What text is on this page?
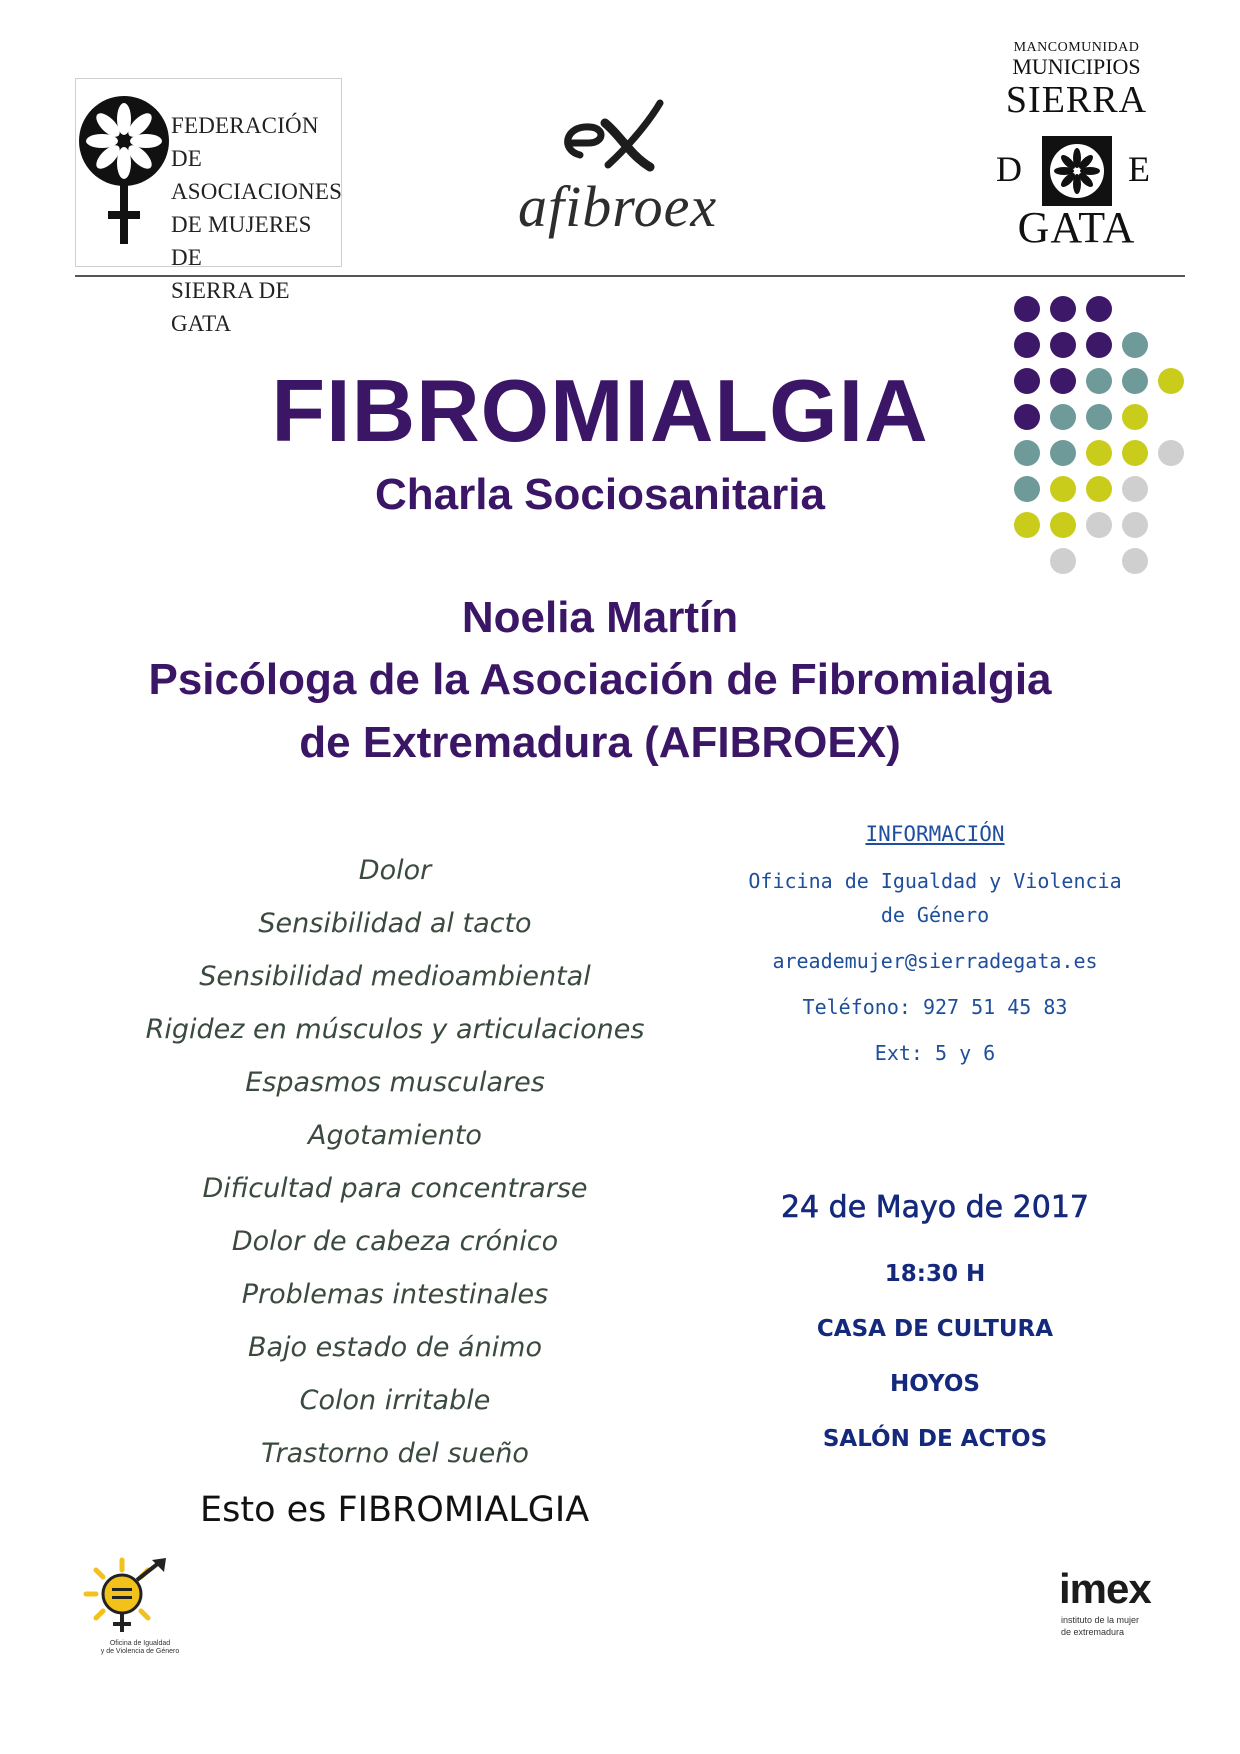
FEDERACIÓN DE
ASOCIACIONES
DE MUJERES DE
SIERRA DE GATA
afibroex
MANCOMUNIDAD
MUNICIPIOS
SIERRA
D	E
GATA
FIBROMIALGIA
Charla Sociosanitaria
Noelia Martín
Psicóloga de la Asociación de Fibromialgia
de Extremadura (AFIBROEX)
Dolor
Sensibilidad al tacto
Sensibilidad medioambiental
Rigidez en músculos y articulaciones
Espasmos musculares
Agotamiento
Dificultad para concentrarse
Dolor de cabeza crónico
Problemas intestinales
Bajo estado de ánimo
Colon irritable
Trastorno del sueño
Esto es FIBROMIALGIA
INFORMACIÓN
Oficina de Igualdad y Violencia
de Género
areademujer@sierradegata.es
Teléfono: 927 51 45 83
Ext: 5 y 6
24 de Mayo de 2017
18:30 H
CASA DE CULTURA
HOYOS
SALÓN DE ACTOS
Oficina de Igualdad
y de Violencia de Género
imex
instituto de la mujer
de extremadura
